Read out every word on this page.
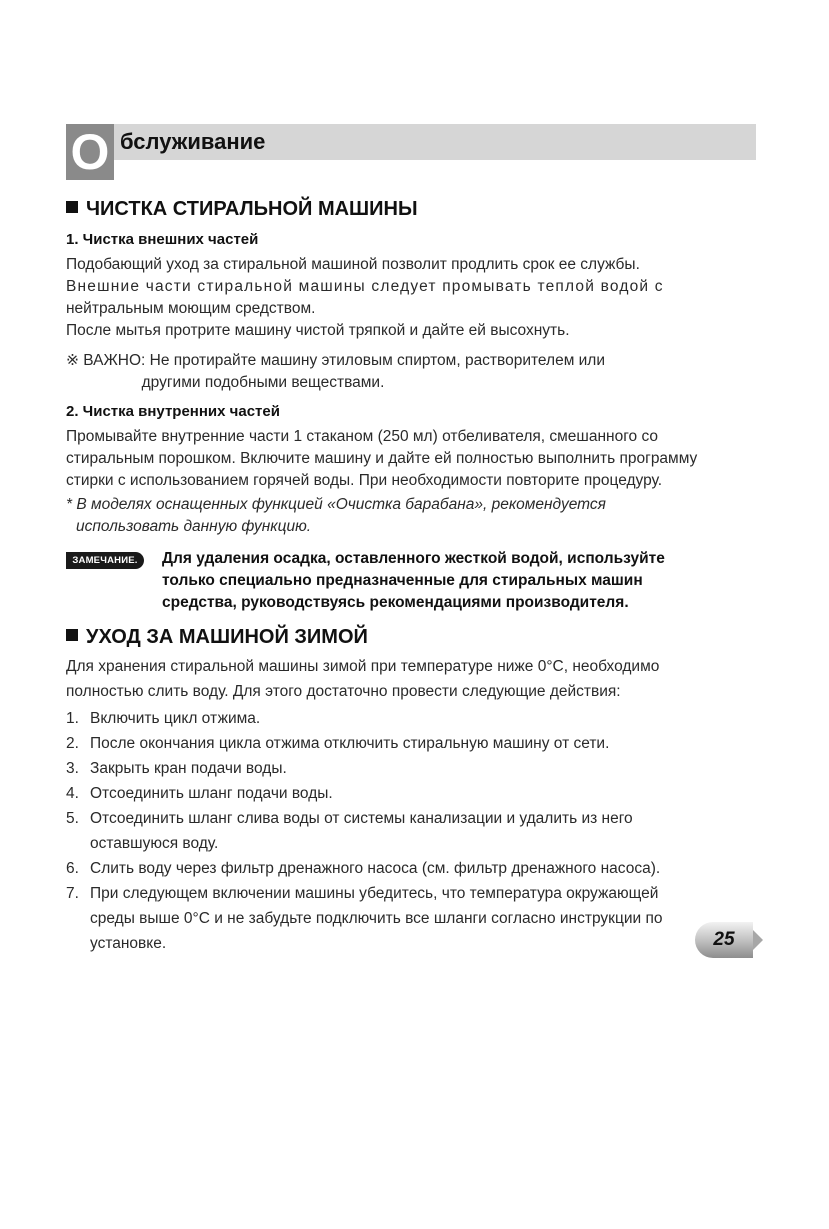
О бслуживание
ЧИСТКА СТИРАЛЬНОЙ МАШИНЫ
1. Чистка внешних частей

Подобающий уход за стиральной машиной позволит продлить срок ее службы.

Внешние части стиральной машины следует промывать теплой водой с

нейтральным моющим средством.

После мытья протрите машину чистой тряпкой и дайте ей высохнуть.

※ ВАЖНО: Не протирайте машину этиловым спиртом, растворителем или
другими подобными веществами.
2. Чистка внутренних частей

Промывайте внутренние части 1 стаканом (250 мл) отбеливателя, смешанного со

стиральным порошком. Включите машину и дайте ей полностью выполнить программу

стирки с использованием горячей воды. При необходимости повторите процедуру.

* В моделях оснащенных функцией «Очистка барабана», рекомендуется
использовать данную функцию.
ЗАМЕЧАНИЕ.	Для удаления осадка, оставленного жесткой водой, используйте
только специально предназначенные для стиральных машин
средства, руководствуясь рекомендациями производителя.
УХОД ЗА МАШИНОЙ ЗИМОЙ

Для хранения стиральной машины зимой при температуре ниже 0°С, необходимо

полностью слить воду. Для этого достаточно провести следующие действия:

1. Включить цикл отжима.
2. После окончания цикла отжима отключить стиральную машину от сети.
3. Закрыть кран подачи воды.
4. Отсоединить шланг подачи воды.
5. Отсоединить шланг слива воды от системы канализации и удалить из него
оставшуюся воду.
6. Слить воду через фильтр дренажного насоса (см. фильтр дренажного насоса).
7. При следующем включении машины убедитесь, что температура окружающей
среды выше 0°С и не забудьте подключить все шланги согласно инструкции по
установке.	25
